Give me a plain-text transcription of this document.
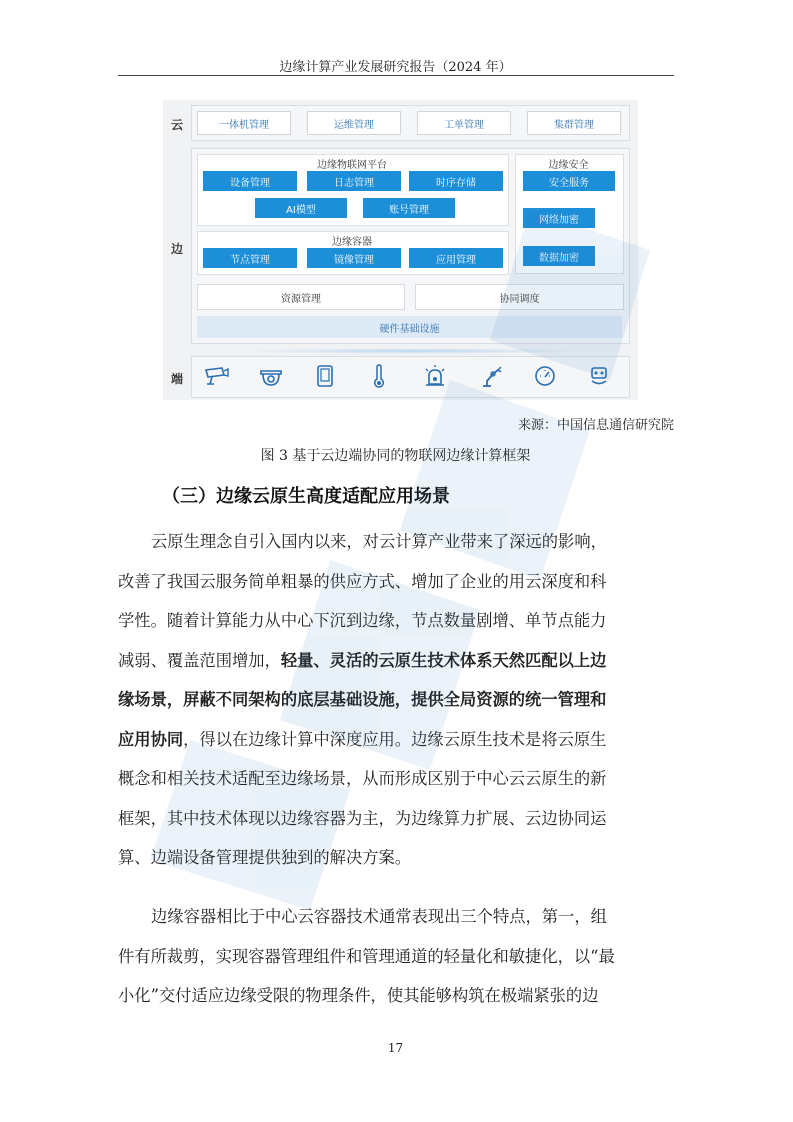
边缘计算产业发展研究报告（2024 年）
云
边
端
一体机管理	运维管理	工单管理	集群管理
边缘物联网平台
设备管理	日志管理	时序存储
AI模型	账号管理
边缘安全
安全服务
网络加密
数据加密
边缘容器
节点管理	镜像管理	应用管理
资源管理	协同调度
硬件基础设施
来源：中国信息通信研究院
图 3 基于云边端协同的物联网边缘计算框架
（三）边缘云原生高度适配应用场景
云原生理念自引入国内以来，对云计算产业带来了深远的影响，
改善了我国云服务简单粗暴的供应方式、增加了企业的用云深度和科
学性。随着计算能力从中心下沉到边缘，节点数量剧增、单节点能力
减弱、覆盖范围增加，轻量、灵活的云原生技术体系天然匹配以上边
缘场景，屏蔽不同架构的底层基础设施，提供全局资源的统一管理和
应用协同，得以在边缘计算中深度应用。边缘云原生技术是将云原生
概念和相关技术适配至边缘场景，从而形成区别于中心云云原生的新
框架，其中技术体现以边缘容器为主，为边缘算力扩展、云边协同运
算、边端设备管理提供独到的解决方案。
边缘容器相比于中心云容器技术通常表现出三个特点，第一，组
件有所裁剪，实现容器管理组件和管理通道的轻量化和敏捷化，以“最
小化”交付适应边缘受限的物理条件，使其能够构筑在极端紧张的边
17
